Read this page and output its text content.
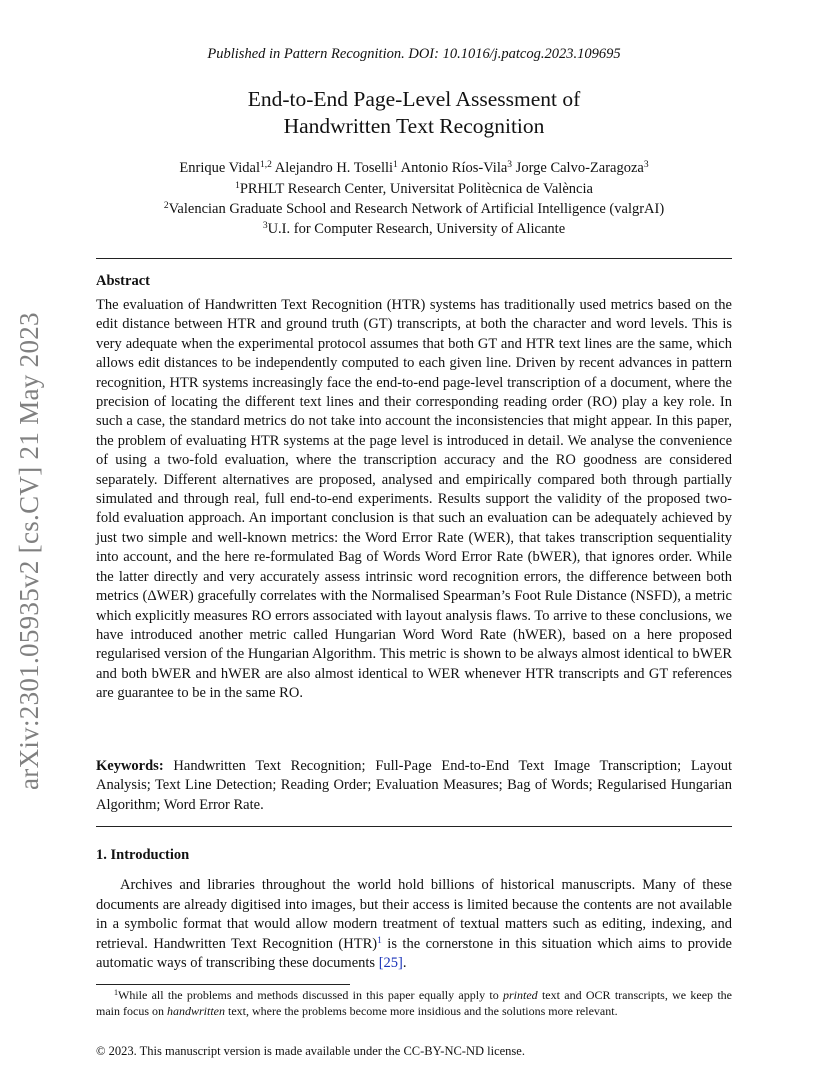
arXiv:2301.05935v2 [cs.CV] 21 May 2023
Published in Pattern Recognition. DOI: 10.1016/j.patcog.2023.109695
End-to-End Page-Level Assessment of
Handwritten Text Recognition
Enrique Vidal$^{1,2}$ Alejandro H. Toselli$^1$ Antonio Ríos-Vila$^3$ Jorge Calvo-Zaragoza$^3$
$^1$PRHLT Research Center, Universitat Politècnica de València
$^2$Valencian Graduate School and Research Network of Artificial Intelligence (valgrAI)
$^3$U.I. for Computer Research, University of Alicante
Abstract

The evaluation of Handwritten Text Recognition (HTR) systems has traditionally used metrics based on the edit distance between HTR and ground truth (GT) transcripts, at both the character and word levels. This is very adequate when the experimental protocol assumes that both GT and HTR text lines are the same, which allows edit distances to be independently computed to each given line. Driven by recent advances in pattern recognition, HTR systems increasingly face the end-to-end page-level transcription of a document, where the precision of locating the different text lines and their corresponding reading order (RO) play a key role. In such a case, the standard metrics do not take into account the inconsistencies that might appear. In this paper, the problem of evaluating HTR systems at the page level is introduced in detail. We analyse the convenience of using a two-fold evaluation, where the transcription accuracy and the RO goodness are considered separately. Different alternatives are proposed, analysed and empirically compared both through partially simulated and through real, full end-to-end experiments. Results support the validity of the proposed two-fold evaluation approach. An important conclusion is that such an evaluation can be adequately achieved by just two simple and well-known metrics: the Word Error Rate (WER), that takes transcription sequentiality into account, and the here re-formulated Bag of Words Word Error Rate (bWER), that ignores order. While the latter directly and very accurately assess intrinsic word recognition errors, the difference between both metrics (ΔWER) gracefully correlates with the Normalised Spearman’s Foot Rule Distance (NSFD), a metric which explicitly measures RO errors associated with layout analysis flaws. To arrive to these conclusions, we have introduced another metric called Hungarian Word Word Rate (hWER), based on a here proposed regularised version of the Hungarian Algorithm. This metric is shown to be always almost identical to bWER and both bWER and hWER are also almost identical to WER whenever HTR transcripts and GT references are guarantee to be in the same RO.

Keywords: Handwritten Text Recognition; Full-Page End-to-End Text Image Transcription; Layout Analysis; Text Line Detection; Reading Order; Evaluation Measures; Bag of Words; Regularised Hungarian Algorithm; Word Error Rate.

1. Introduction

Archives and libraries throughout the world hold billions of historical manuscripts. Many of these documents are already digitised into images, but their access is limited because the contents are not available in a symbolic format that would allow modern treatment of textual matters such as editing, indexing, and retrieval. Handwritten Text Recognition (HTR)$^1$ is the cornerstone in this situation which aims to provide automatic ways of transcribing these documents [25].

$^1$While all the problems and methods discussed in this paper equally apply to printed text and OCR transcripts, we keep the main focus on handwritten text, where the problems become more insidious and the solutions more relevant.

© 2023. This manuscript version is made available under the CC-BY-NC-ND license.
